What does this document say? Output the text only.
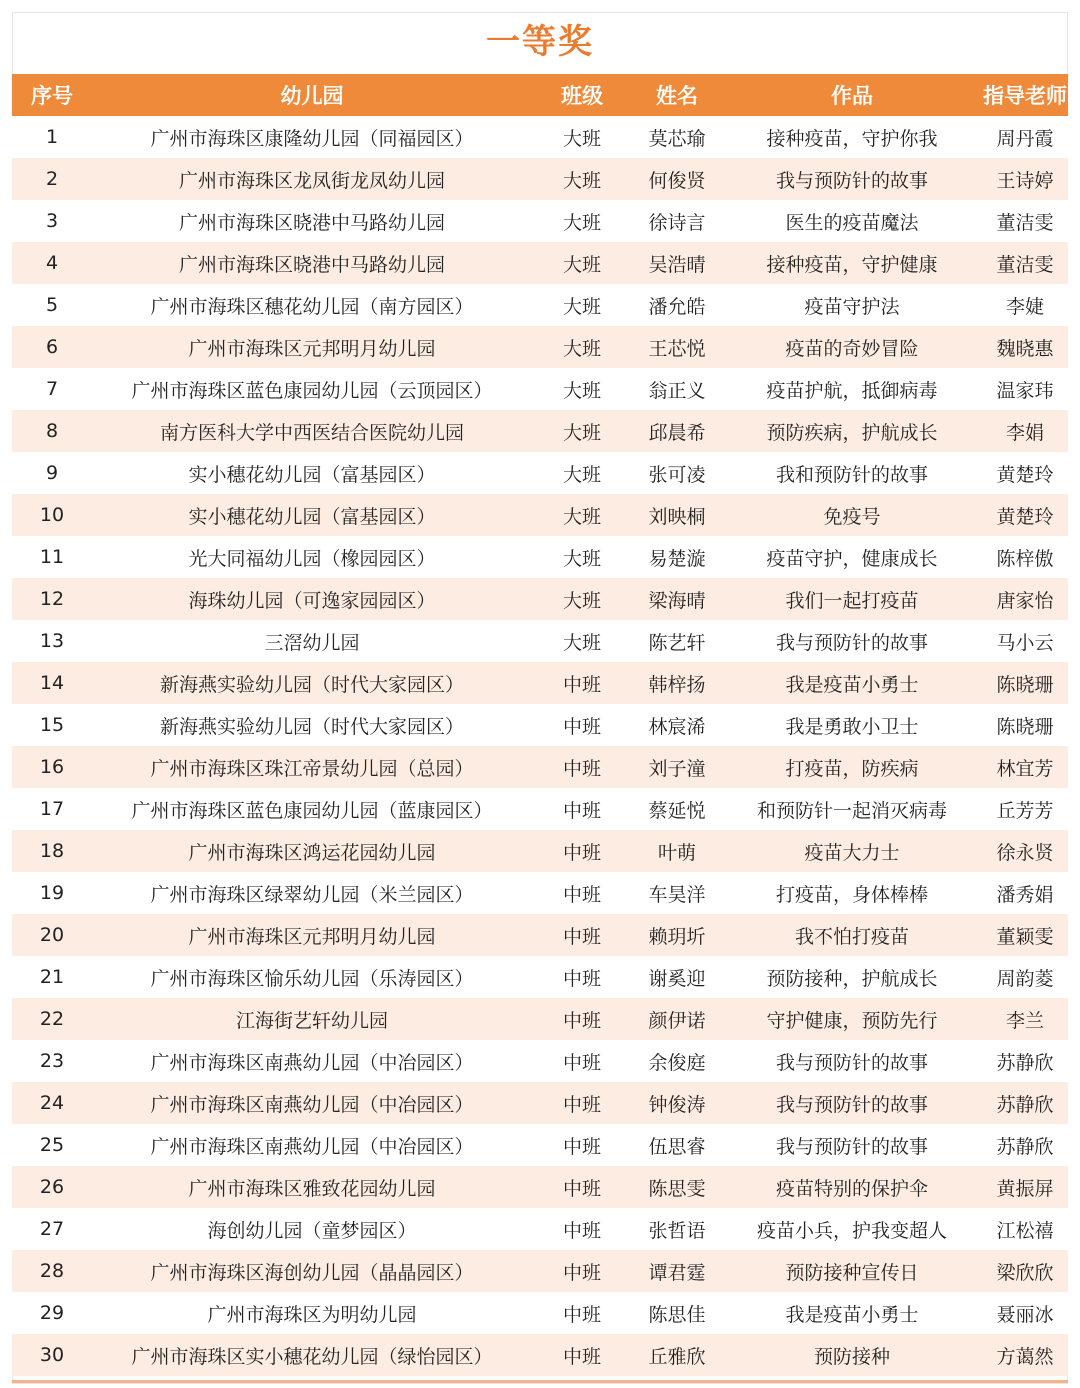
一等奖
序号	幼儿园	班级	姓名	作品	指导老师
1	广州市海珠区康隆幼儿园（同福园区）	大班	莫芯瑜	接种疫苗，守护你我	周丹霞
2	广州市海珠区龙凤街龙凤幼儿园	大班	何俊贤	我与预防针的故事	王诗婷
3	广州市海珠区晓港中马路幼儿园	大班	徐诗言	医生的疫苗魔法	董洁雯
4	广州市海珠区晓港中马路幼儿园	大班	吴浩晴	接种疫苗，守护健康	董洁雯
5	广州市海珠区穗花幼儿园（南方园区）	大班	潘允皓	疫苗守护法	李婕
6	广州市海珠区元邦明月幼儿园	大班	王芯悦	疫苗的奇妙冒险	魏晓惠
7	广州市海珠区蓝色康园幼儿园（云顶园区）	大班	翁正义	疫苗护航，抵御病毒	温家玮
8	南方医科大学中西医结合医院幼儿园	大班	邱晨希	预防疾病，护航成长	李娟
9	实小穗花幼儿园（富基园区）	大班	张可凌	我和预防针的故事	黄楚玲
10	实小穗花幼儿园（富基园区）	大班	刘映桐	免疫号	黄楚玲
11	光大同福幼儿园（橡园园区）	大班	易楚漩	疫苗守护，健康成长	陈梓傲
12	海珠幼儿园（可逸家园园区）	大班	梁海晴	我们一起打疫苗	唐家怡
13	三滘幼儿园	大班	陈艺轩	我与预防针的故事	马小云
14	新海燕实验幼儿园（时代大家园区）	中班	韩梓扬	我是疫苗小勇士	陈晓珊
15	新海燕实验幼儿园（时代大家园区）	中班	林宸浠	我是勇敢小卫士	陈晓珊
16	广州市海珠区珠江帝景幼儿园（总园）	中班	刘子潼	打疫苗，防疾病	林宜芳
17	广州市海珠区蓝色康园幼儿园（蓝康园区）	中班	蔡延悦	和预防针一起消灭病毒	丘芳芳
18	广州市海珠区鸿运花园幼儿园	中班	叶萌	疫苗大力士	徐永贤
19	广州市海珠区绿翠幼儿园（米兰园区）	中班	车昊洋	打疫苗，身体棒棒	潘秀娟
20	广州市海珠区元邦明月幼儿园	中班	赖玥圻	我不怕打疫苗	董颖雯
21	广州市海珠区愉乐幼儿园（乐涛园区）	中班	谢奚迎	预防接种，护航成长	周韵菱
22	江海街艺轩幼儿园	中班	颜伊诺	守护健康，预防先行	李兰
23	广州市海珠区南燕幼儿园（中冶园区）	中班	余俊庭	我与预防针的故事	苏静欣
24	广州市海珠区南燕幼儿园（中冶园区）	中班	钟俊涛	我与预防针的故事	苏静欣
25	广州市海珠区南燕幼儿园（中冶园区）	中班	伍思睿	我与预防针的故事	苏静欣
26	广州市海珠区雅致花园幼儿园	中班	陈思雯	疫苗特别的保护伞	黄振屏
27	海创幼儿园（童梦园区）	中班	张哲语	疫苗小兵，护我变超人	江松禧
28	广州市海珠区海创幼儿园（晶晶园区）	中班	谭君霆	预防接种宣传日	梁欣欣
29	广州市海珠区为明幼儿园	中班	陈思佳	我是疫苗小勇士	聂丽冰
30	广州市海珠区实小穗花幼儿园（绿怡园区）	中班	丘雅欣	预防接种	方蔼然
